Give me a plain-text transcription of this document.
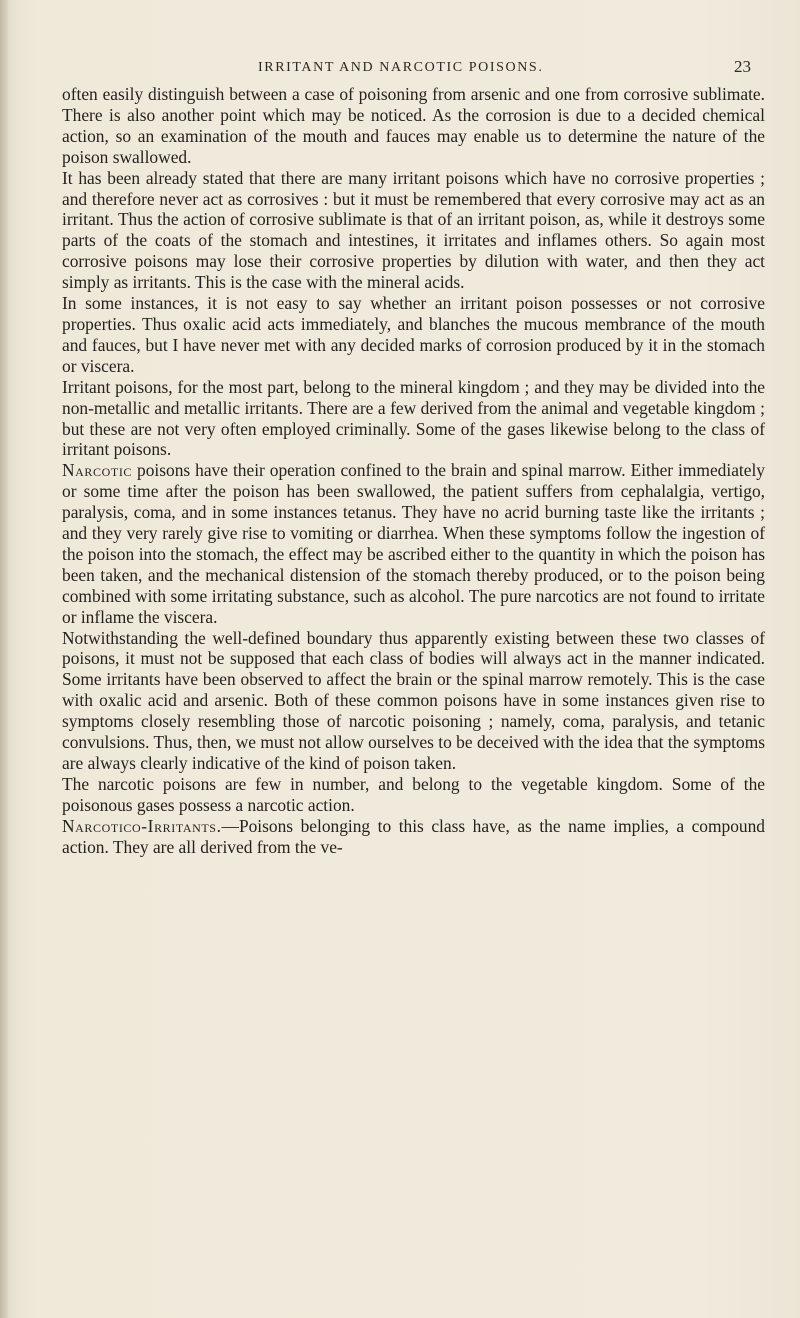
IRRITANT AND NARCOTIC POISONS.	23

often easily distinguish between a case of poisoning from arsenic and one from corrosive sublimate. There is also another point which may be noticed. As the corrosion is due to a decided chemical action, so an examination of the mouth and fauces may enable us to determine the nature of the poison swallowed.

It has been already stated that there are many irritant poisons which have no corrosive properties ; and therefore never act as corrosives : but it must be remembered that every corrosive may act as an irritant. Thus the action of corrosive sublimate is that of an irritant poison, as, while it destroys some parts of the coats of the stomach and intestines, it irritates and inflames others. So again most corrosive poisons may lose their corrosive properties by dilution with water, and then they act simply as irritants. This is the case with the mineral acids.

In some instances, it is not easy to say whether an irritant poison possesses or not corrosive properties. Thus oxalic acid acts immediately, and blanches the mucous membrance of the mouth and fauces, but I have never met with any decided marks of corrosion produced by it in the stomach or viscera.

Irritant poisons, for the most part, belong to the mineral kingdom ; and they may be divided into the non-metallic and metallic irritants. There are a few derived from the animal and vegetable kingdom ; but these are not very often employed criminally. Some of the gases likewise belong to the class of irritant poisons.

Narcotic poisons have their operation confined to the brain and spinal marrow. Either immediately or some time after the poison has been swallowed, the patient suffers from cephalalgia, vertigo, paralysis, coma, and in some instances tetanus. They have no acrid burning taste like the irritants ; and they very rarely give rise to vomiting or diarrhea. When these symptoms follow the ingestion of the poison into the stomach, the effect may be ascribed either to the quantity in which the poison has been taken, and the mechanical distension of the stomach thereby produced, or to the poison being combined with some irritating substance, such as alcohol. The pure narcotics are not found to irritate or inflame the viscera.

Notwithstanding the well-defined boundary thus apparently existing between these two classes of poisons, it must not be supposed that each class of bodies will always act in the manner indicated. Some irritants have been observed to affect the brain or the spinal marrow remotely. This is the case with oxalic acid and arsenic. Both of these common poisons have in some instances given rise to symptoms closely resembling those of narcotic poisoning ; namely, coma, paralysis, and tetanic convulsions. Thus, then, we must not allow ourselves to be deceived with the idea that the symptoms are always clearly indicative of the kind of poison taken.

The narcotic poisons are few in number, and belong to the vegetable kingdom. Some of the poisonous gases possess a narcotic action.

Narcotico-Irritants.—Poisons belonging to this class have, as the name implies, a compound action. They are all derived from the ve-
